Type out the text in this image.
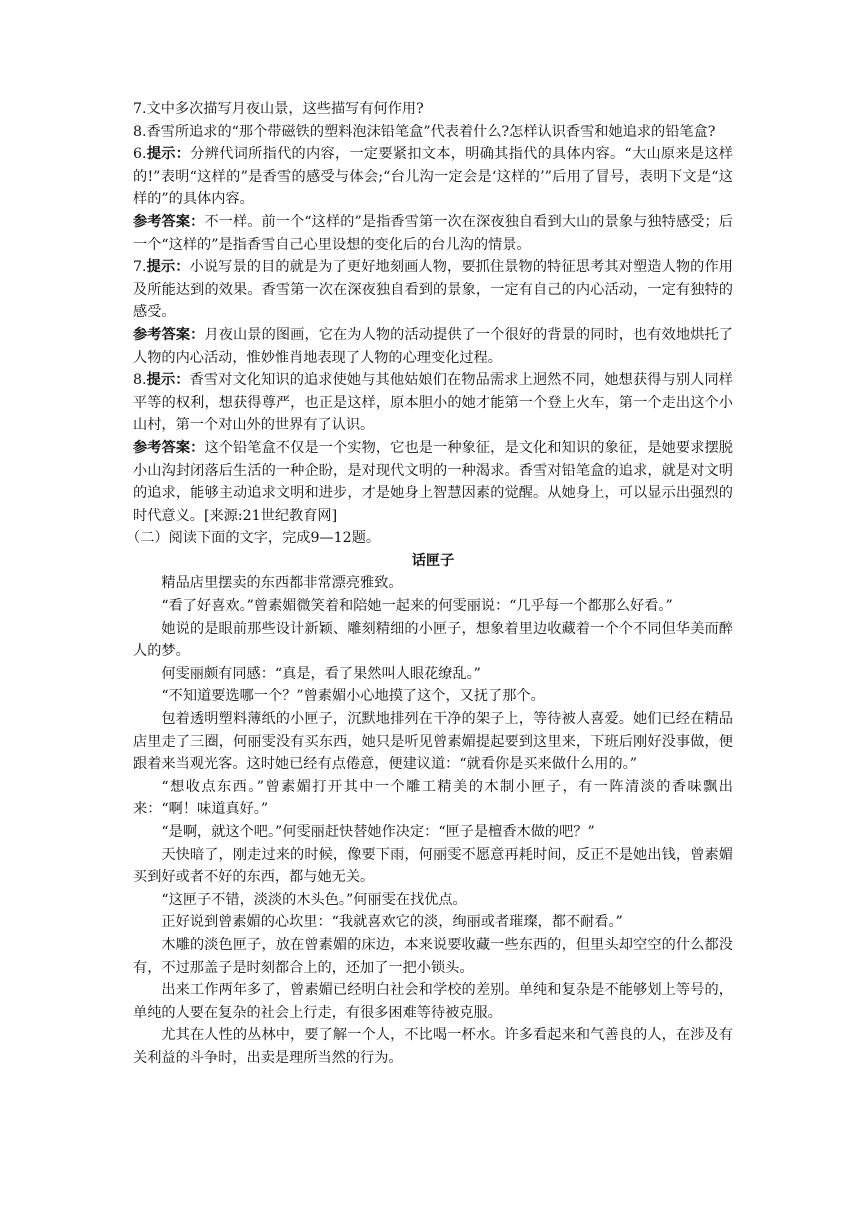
7.文中多次描写月夜山景，这些描写有何作用?

8.香雪所追求的“那个带磁铁的塑料泡沫铅笔盒”代表着什么?怎样认识香雪和她追求的铅笔盒?

6.提示：分辨代词所指代的内容，一定要紧扣文本，明确其指代的具体内容。“大山原来是这样的!”表明“这样的”是香雪的感受与体会;“台儿沟一定会是‘这样的’”后用了冒号，表明下文是“这样的”的具体内容。

参考答案：不一样。前一个“这样的”是指香雪第一次在深夜独自看到大山的景象与独特感受；后一个“这样的”是指香雪自己心里设想的变化后的台儿沟的情景。

7.提示：小说写景的目的就是为了更好地刻画人物，要抓住景物的特征思考其对塑造人物的作用及所能达到的效果。香雪第一次在深夜独自看到的景象，一定有自己的内心活动，一定有独特的感受。

参考答案：月夜山景的图画，它在为人物的活动提供了一个很好的背景的同时，也有效地烘托了人物的内心活动，惟妙惟肖地表现了人物的心理变化过程。

8.提示：香雪对文化知识的追求使她与其他姑娘们在物品需求上迥然不同，她想获得与别人同样平等的权利，想获得尊严，也正是这样，原本胆小的她才能第一个登上火车，第一个走出这个小山村，第一个对山外的世界有了认识。

参考答案：这个铅笔盒不仅是一个实物，它也是一种象征，是文化和知识的象征，是她要求摆脱小山沟封闭落后生活的一种企盼，是对现代文明的一种渴求。香雪对铅笔盒的追求，就是对文明的追求，能够主动追求文明和进步，才是她身上智慧因素的觉醒。从她身上，可以显示出强烈的时代意义。[来源:21世纪教育网]

（二）阅读下面的文字，完成9—12题。

话匣子

精品店里摆卖的东西都非常漂亮雅致。

“看了好喜欢。”曾素媚微笑着和陪她一起来的何雯丽说：“几乎每一个都那么好看。”

她说的是眼前那些设计新颖、雕刻精细的小匣子，想象着里边收藏着一个个不同但华美而醉人的梦。

何雯丽颇有同感：“真是，看了果然叫人眼花缭乱。”

“不知道要选哪一个？”曾素媚小心地摸了这个，又抚了那个。

包着透明塑料薄纸的小匣子，沉默地排列在干净的架子上，等待被人喜爱。她们已经在精品店里走了三圈，何丽雯没有买东西，她只是听见曾素媚提起要到这里来，下班后刚好没事做，便跟着来当观光客。这时她已经有点倦意，便建议道：“就看你是买来做什么用的。”

“想收点东西。”曾素媚打开其中一个雕工精美的木制小匣子，有一阵清淡的香味飘出来：“啊！味道真好。”

“是啊，就这个吧。”何雯丽赶快替她作决定：“匣子是檀香木做的吧？”

天快暗了，刚走过来的时候，像要下雨，何丽雯不愿意再耗时间，反正不是她出钱，曾素媚买到好或者不好的东西，都与她无关。

“这匣子不错，淡淡的木头色。”何丽雯在找优点。

正好说到曾素媚的心坎里：“我就喜欢它的淡，绚丽或者璀璨，都不耐看。”

木雕的淡色匣子，放在曾素媚的床边，本来说要收藏一些东西的，但里头却空空的什么都没有，不过那盖子是时刻都合上的，还加了一把小锁头。

出来工作两年多了，曾素媚已经明白社会和学校的差别。单纯和复杂是不能够划上等号的，单纯的人要在复杂的社会上行走，有很多困难等待被克服。

尤其在人性的丛林中，要了解一个人，不比喝一杯水。许多看起来和气善良的人，在涉及有关利益的斗争时，出卖是理所当然的行为。
